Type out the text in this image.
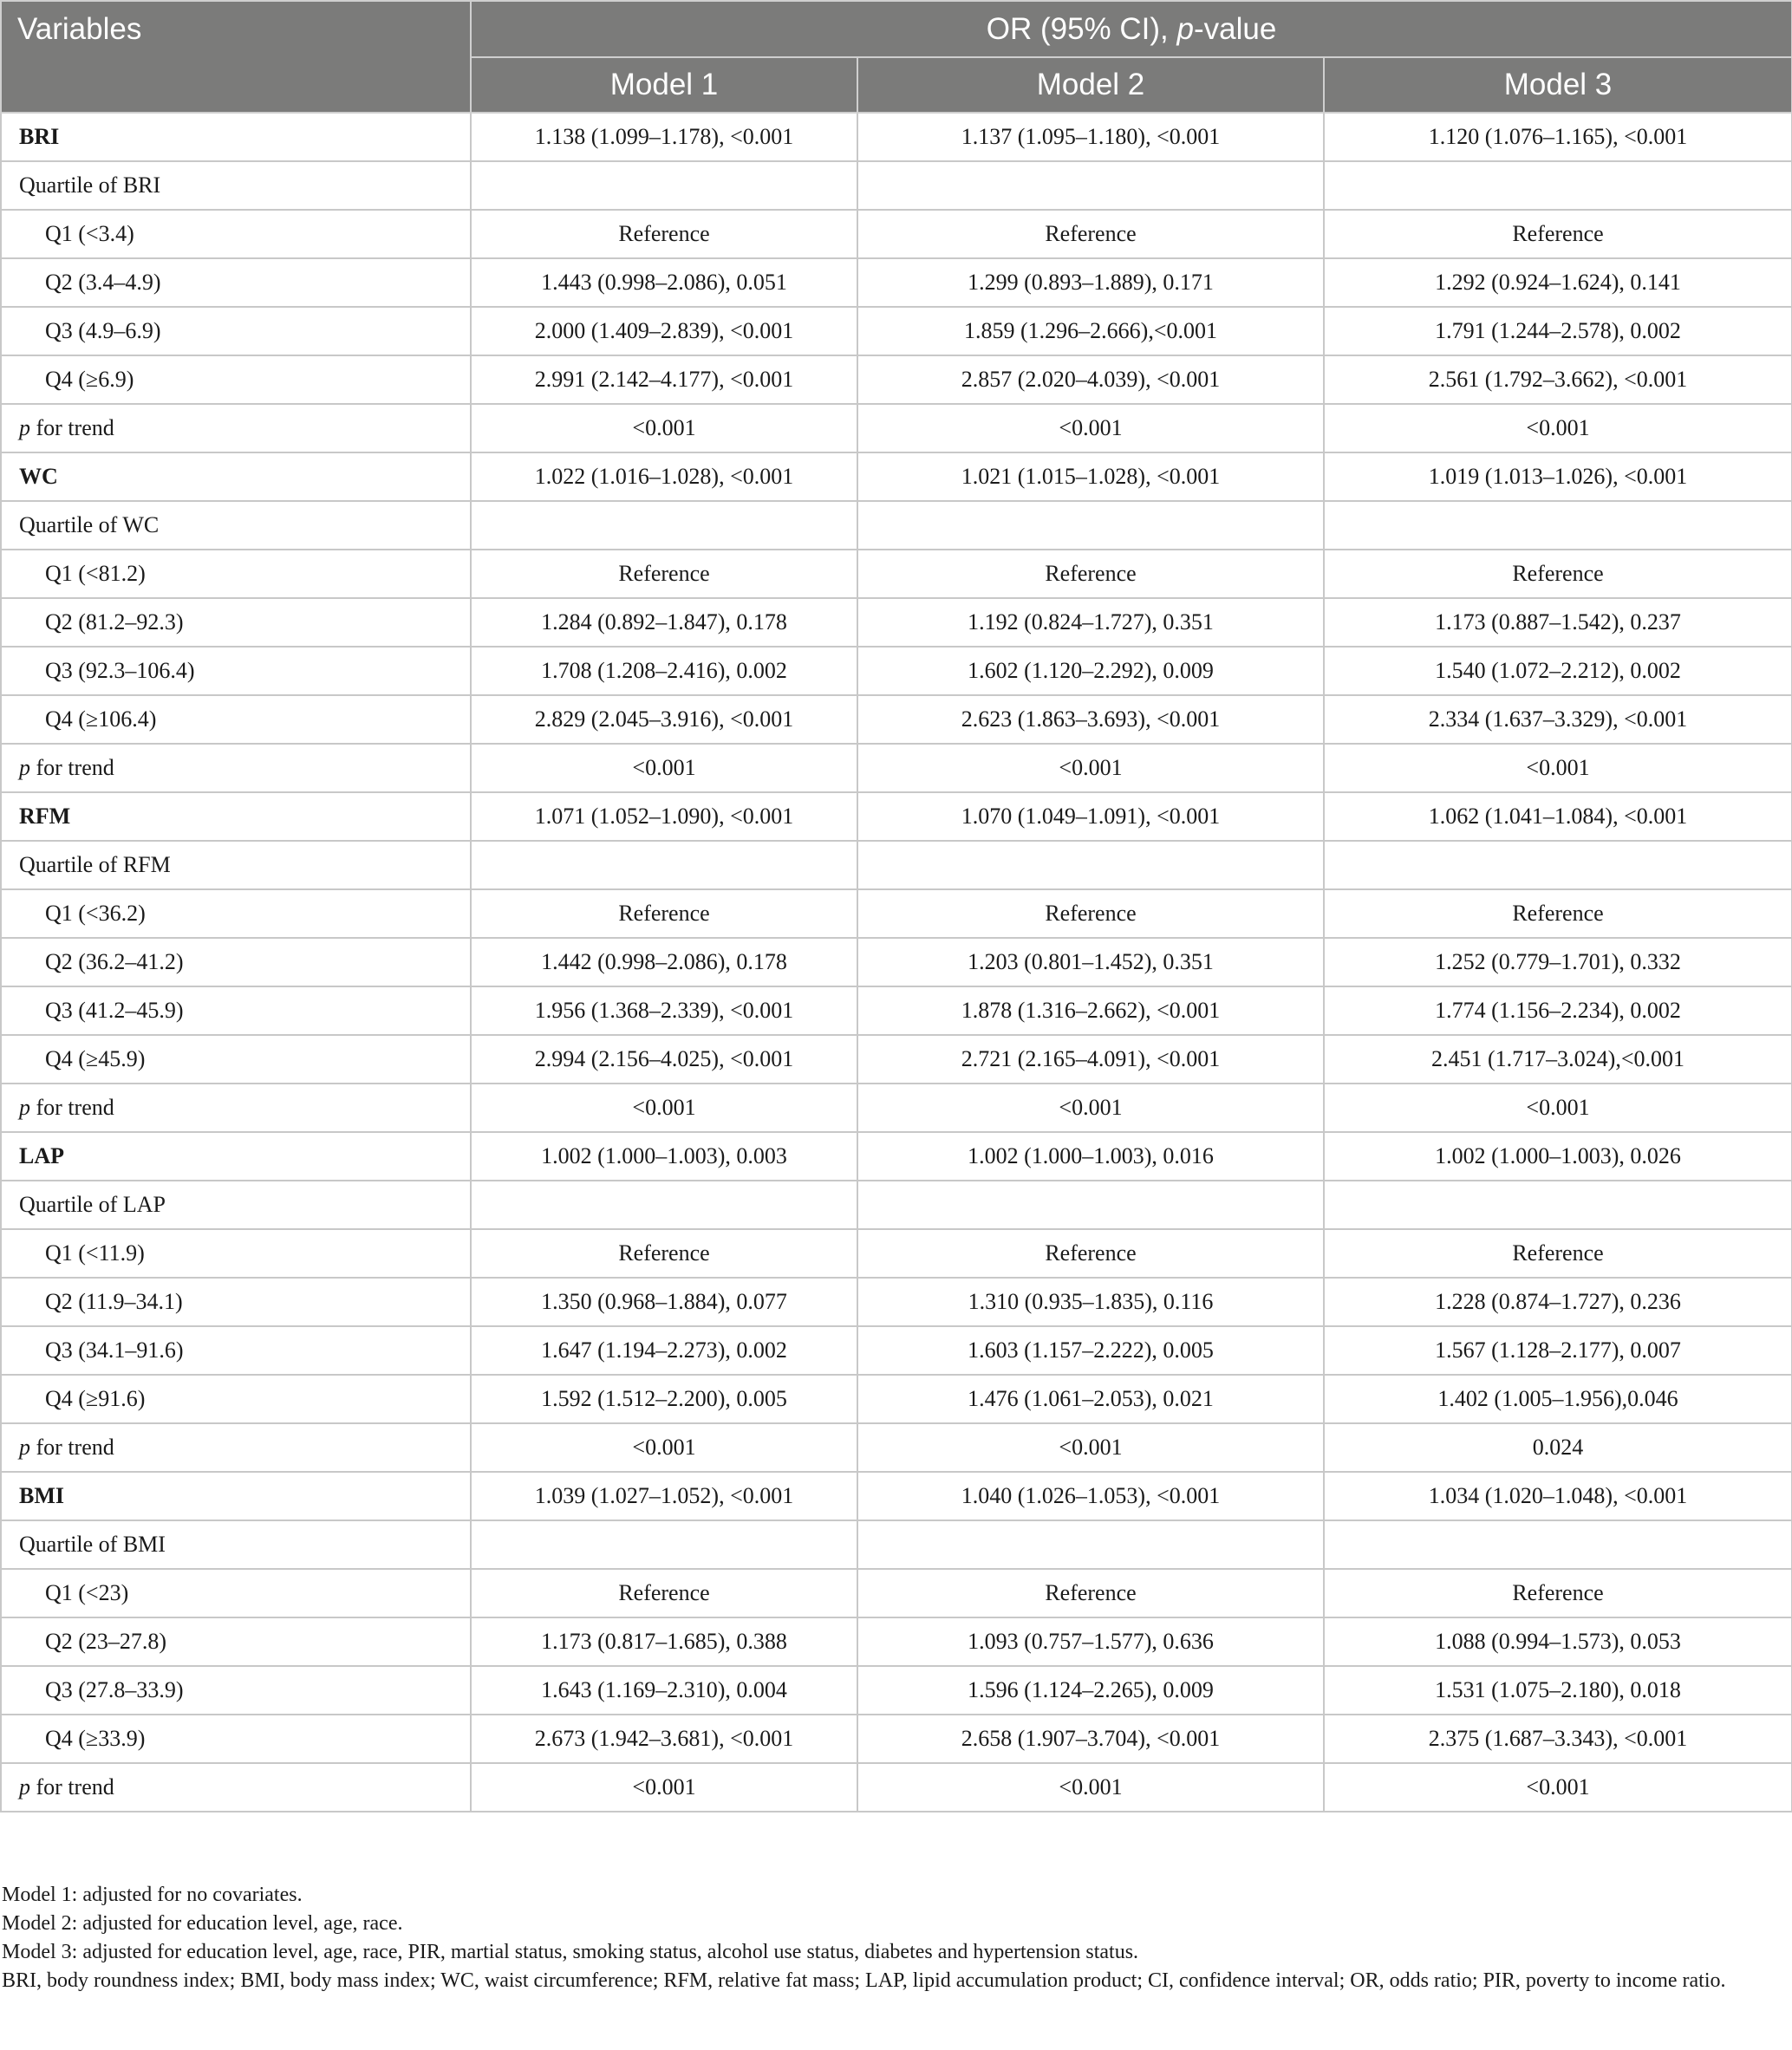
Variables	OR (95% CI), p-value		
	Model 1	Model 2	Model 3
BRI	1.138 (1.099–1.178), <0.001	1.137 (1.095–1.180), <0.001	1.120 (1.076–1.165), <0.001
Quartile of BRI			
Q1 (<3.4)	Reference	Reference	Reference
Q2 (3.4–4.9)	1.443 (0.998–2.086), 0.051	1.299 (0.893–1.889), 0.171	1.292 (0.924–1.624), 0.141
Q3 (4.9–6.9)	2.000 (1.409–2.839), <0.001	1.859 (1.296–2.666),<0.001	1.791 (1.244–2.578), 0.002
Q4 (≥6.9)	2.991 (2.142–4.177), <0.001	2.857 (2.020–4.039), <0.001	2.561 (1.792–3.662), <0.001
p for trend	<0.001	<0.001	<0.001
WC	1.022 (1.016–1.028), <0.001	1.021 (1.015–1.028), <0.001	1.019 (1.013–1.026), <0.001
Quartile of WC			
Q1 (<81.2)	Reference	Reference	Reference
Q2 (81.2–92.3)	1.284 (0.892–1.847), 0.178	1.192 (0.824–1.727), 0.351	1.173 (0.887–1.542), 0.237
Q3 (92.3–106.4)	1.708 (1.208–2.416), 0.002	1.602 (1.120–2.292), 0.009	1.540 (1.072–2.212), 0.002
Q4 (≥106.4)	2.829 (2.045–3.916), <0.001	2.623 (1.863–3.693), <0.001	2.334 (1.637–3.329), <0.001
p for trend	<0.001	<0.001	<0.001
RFM	1.071 (1.052–1.090), <0.001	1.070 (1.049–1.091), <0.001	1.062 (1.041–1.084), <0.001
Quartile of RFM			
Q1 (<36.2)	Reference	Reference	Reference
Q2 (36.2–41.2)	1.442 (0.998–2.086), 0.178	1.203 (0.801–1.452), 0.351	1.252 (0.779–1.701), 0.332
Q3 (41.2–45.9)	1.956 (1.368–2.339), <0.001	1.878 (1.316–2.662), <0.001	1.774 (1.156–2.234), 0.002
Q4 (≥45.9)	2.994 (2.156–4.025), <0.001	2.721 (2.165–4.091), <0.001	2.451 (1.717–3.024),<0.001
p for trend	<0.001	<0.001	<0.001
LAP	1.002 (1.000–1.003), 0.003	1.002 (1.000–1.003), 0.016	1.002 (1.000–1.003), 0.026
Quartile of LAP			
Q1 (<11.9)	Reference	Reference	Reference
Q2 (11.9–34.1)	1.350 (0.968–1.884), 0.077	1.310 (0.935–1.835), 0.116	1.228 (0.874–1.727), 0.236
Q3 (34.1–91.6)	1.647 (1.194–2.273), 0.002	1.603 (1.157–2.222), 0.005	1.567 (1.128–2.177), 0.007
Q4 (≥91.6)	1.592 (1.512–2.200), 0.005	1.476 (1.061–2.053), 0.021	1.402 (1.005–1.956),0.046
p for trend	<0.001	<0.001	0.024
BMI	1.039 (1.027–1.052), <0.001	1.040 (1.026–1.053), <0.001	1.034 (1.020–1.048), <0.001
Quartile of BMI			
Q1 (<23)	Reference	Reference	Reference
Q2 (23–27.8)	1.173 (0.817–1.685), 0.388	1.093 (0.757–1.577), 0.636	1.088 (0.994–1.573), 0.053
Q3 (27.8–33.9)	1.643 (1.169–2.310), 0.004	1.596 (1.124–2.265), 0.009	1.531 (1.075–2.180), 0.018
Q4 (≥33.9)	2.673 (1.942–3.681), <0.001	2.658 (1.907–3.704), <0.001	2.375 (1.687–3.343), <0.001
p for trend	<0.001	<0.001	<0.001

Model 1: adjusted for no covariates.

Model 2: adjusted for education level, age, race.

Model 3: adjusted for education level, age, race, PIR, martial status, smoking status, alcohol use status, diabetes and hypertension status.

BRI, body roundness index; BMI, body mass index; WC, waist circumference; RFM, relative fat mass; LAP, lipid accumulation product; CI, confidence interval; OR, odds ratio; PIR, poverty to income ratio.
